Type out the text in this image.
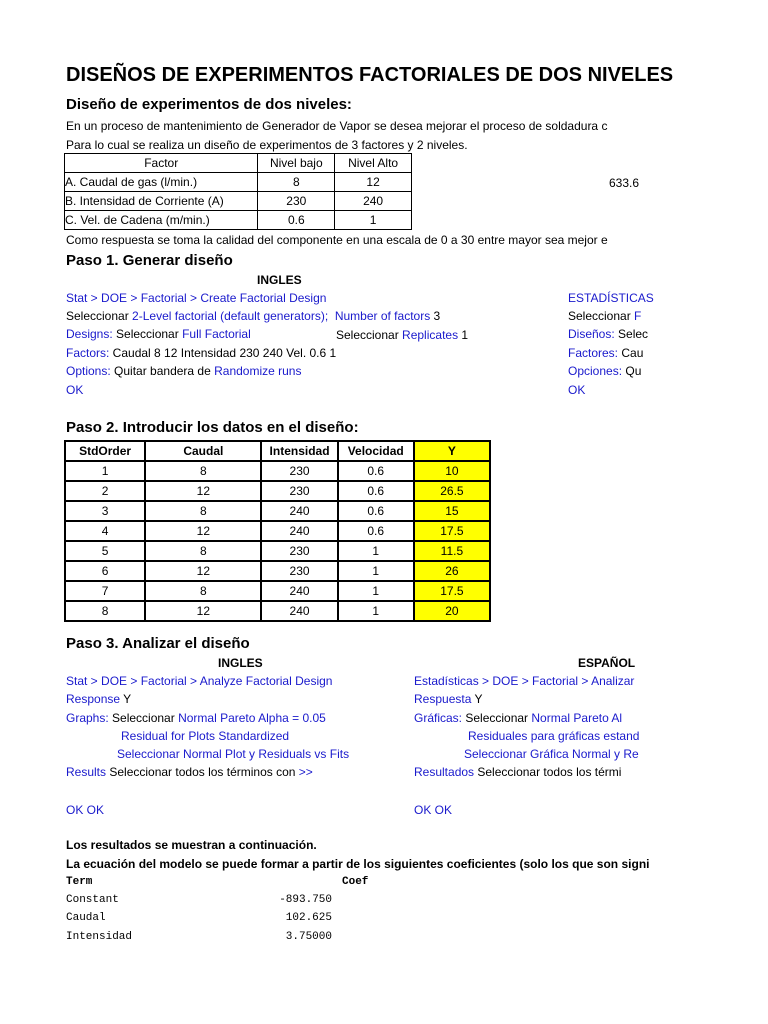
DISEÑOS DE EXPERIMENTOS FACTORIALES DE DOS NIVELES
Diseño de experimentos de dos niveles:
En un proceso de mantenimiento de Generador de Vapor se desea mejorar el proceso de soldadura c
Para lo cual se realiza un diseño de experimentos de 3 factores y 2 niveles.
633.6
Factor	Nivel bajo	Nivel Alto
A. Caudal de gas (l/min.)	8	12
B. Intensidad de Corriente (A)	230	240
C. Vel. de Cadena (m/min.)	0.6	1
Como respuesta se toma la calidad del componente en una escala de 0 a 30 entre mayor sea mejor e
Paso 1. Generar diseño
INGLES
Stat > DOE > Factorial > Create Factorial Design
Seleccionar 2-Level factorial (default generators); Number of factors 3
Designs: Seleccionar Full Factorial	Seleccionar Replicates 1
Factors: Caudal 8 12 Intensidad 230 240 Vel. 0.6 1
Options: Quitar bandera de Randomize runs
OK
ESTADÍSTICAS
Seleccionar F
Diseños: Selec
Factores: Cau
Opciones: Qu
OK
Paso 2. Introducir los datos en el diseño:
StdOrder	Caudal	Intensidad	Velocidad	Y
1	8	230	0.6	10
2	12	230	0.6	26.5
3	8	240	0.6	15
4	12	240	0.6	17.5
5	8	230	1	11.5
6	12	230	1	26
7	8	240	1	17.5
8	12	240	1	20
Paso 3. Analizar el diseño
INGLES	ESPAÑOL
Stat > DOE > Factorial > Analyze Factorial Design
Response Y
Graphs: Seleccionar Normal Pareto Alpha = 0.05
Residual for Plots Standardized
Seleccionar Normal Plot y Residuals vs Fits
Results Seleccionar todos los términos con >>
OK OK
Estadísticas > DOE > Factorial > Analizar
Respuesta Y
Gráficas: Seleccionar Normal Pareto Al
Residuales para gráficas estand
Seleccionar Gráfica Normal y Re
Resultados Seleccionar todos los térmi
OK OK
Los resultados se muestran a continuación.
La ecuación del modelo se puede formar a partir de los siguientes coeficientes (solo los que son signi
Term	Coef
Constant	-893.750
Caudal	102.625
Intensidad	3.75000
